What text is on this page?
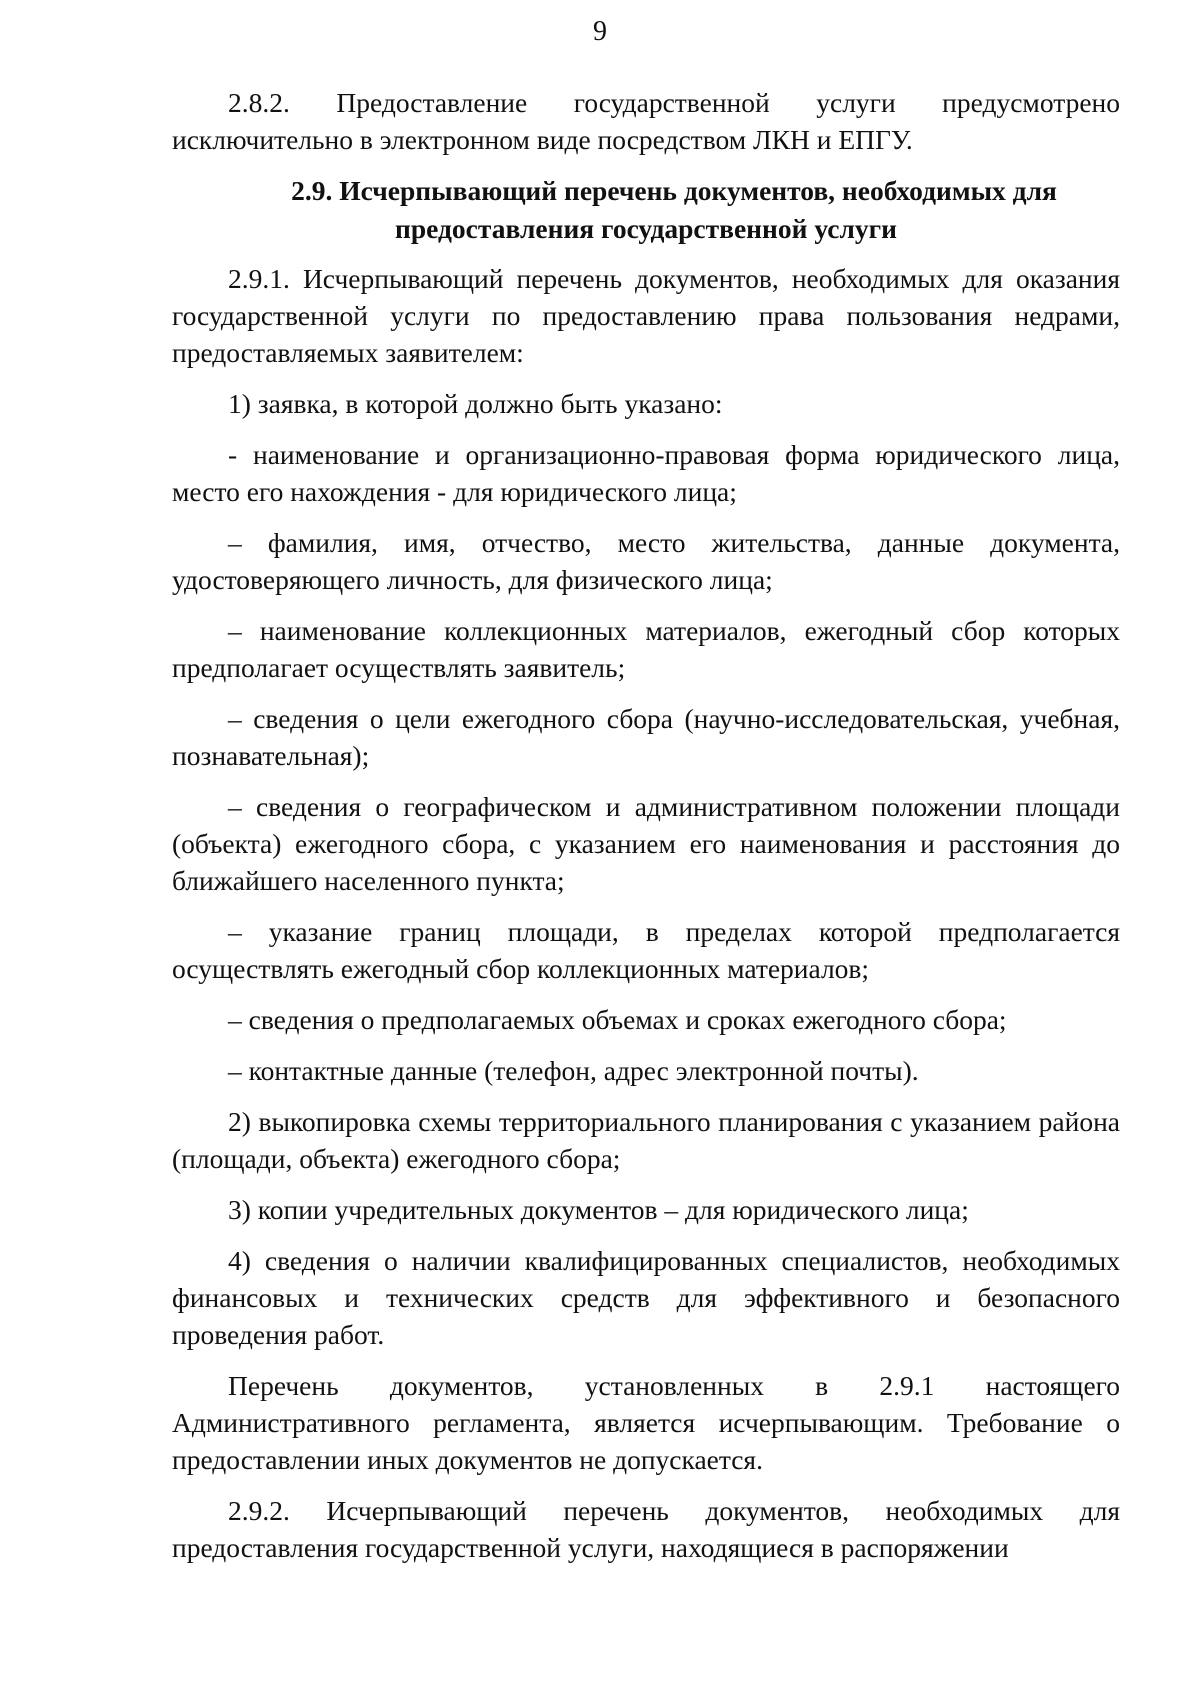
9

2.8.2. Предоставление государственной услуги предусмотрено исключительно в электронном виде посредством ЛКН и ЕПГУ.

2.9. Исчерпывающий перечень документов, необходимых для
предоставления государственной услуги

2.9.1. Исчерпывающий перечень документов, необходимых для оказания государственной услуги по предоставлению права пользования недрами, предоставляемых заявителем:

1) заявка, в которой должно быть указано:

- наименование и организационно-правовая форма юридического лица, место его нахождения - для юридического лица;

– фамилия, имя, отчество, место жительства, данные документа, удостоверяющего личность, для физического лица;

– наименование коллекционных материалов, ежегодный сбор которых предполагает осуществлять заявитель;

– сведения о цели ежегодного сбора (научно-исследовательская, учебная, познавательная);

– сведения о географическом и административном положении площади (объекта) ежегодного сбора, с указанием его наименования и расстояния до ближайшего населенного пункта;

– указание границ площади, в пределах которой предполагается осуществлять ежегодный сбор коллекционных материалов;

– сведения о предполагаемых объемах и сроках ежегодного сбора;

– контактные данные (телефон, адрес электронной почты).

2) выкопировка схемы территориального планирования с указанием района (площади, объекта) ежегодного сбора;

3) копии учредительных документов – для юридического лица;

4) сведения о наличии квалифицированных специалистов, необходимых финансовых и технических средств для эффективного и безопасного проведения работ.

Перечень документов, установленных в 2.9.1 настоящего Административного регламента, является исчерпывающим. Требование о предоставлении иных документов не допускается.

2.9.2. Исчерпывающий перечень документов, необходимых для предоставления государственной услуги, находящиеся в распоряжении
